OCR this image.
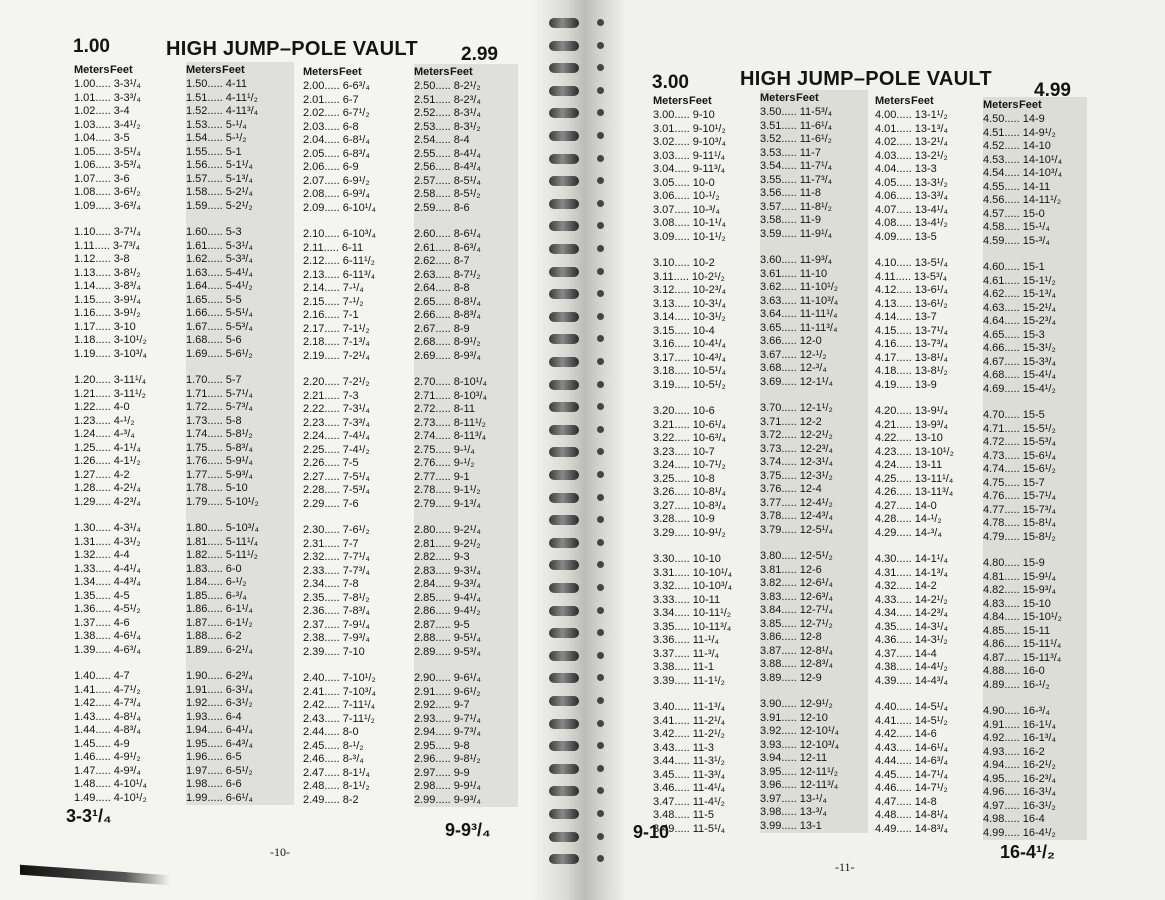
1.00	HIGH JUMP–POLE VAULT 2.99
MetersFeet
1.00..... 3-3¹/₄
1.01..... 3-3³/₄
1.02..... 3-4
1.03..... 3-4¹/₂
1.04..... 3-5
1.05..... 3-5¹/₄
1.06..... 3-5³/₄
1.07..... 3-6
1.08..... 3-6¹/₂
1.09..... 3-6³/₄
1.10..... 3-7¹/₄
1.11..... 3-7³/₄
1.12..... 3-8
1.13..... 3-8¹/₂
1.14..... 3-8³/₄
1.15..... 3-9¹/₄
1.16..... 3-9¹/₂
1.17..... 3-10
1.18..... 3-10¹/₂
1.19..... 3-10³/₄
1.20..... 3-11¹/₄
1.21..... 3-11¹/₂
1.22..... 4-0
1.23..... 4-¹/₂
1.24..... 4-³/₄
1.25..... 4-1¹/₄
1.26..... 4-1¹/₂
1.27..... 4-2
1.28..... 4-2¹/₄
1.29..... 4-2³/₄
1.30..... 4-3¹/₄
1.31..... 4-3¹/₂
1.32..... 4-4
1.33..... 4-4¹/₄
1.34..... 4-4³/₄
1.35..... 4-5
1.36..... 4-5¹/₂
1.37..... 4-6
1.38..... 4-6¹/₄
1.39..... 4-6³/₄
1.40..... 4-7
1.41..... 4-7¹/₂
1.42..... 4-7³/₄
1.43..... 4-8¹/₄
1.44..... 4-8³/₄
1.45..... 4-9
1.46..... 4-9¹/₂
1.47..... 4-9³/₄
1.48..... 4-10¹/₄
1.49..... 4-10¹/₂
MetersFeet
1.50..... 4-11
1.51..... 4-11¹/₂
1.52..... 4-11³/₄
1.53..... 5-¹/₄
1.54..... 5-¹/₂
1.55..... 5-1
1.56..... 5-1¹/₄
1.57..... 5-1³/₄
1.58..... 5-2¹/₄
1.59..... 5-2¹/₂
1.60..... 5-3
1.61..... 5-3¹/₄
1.62..... 5-3³/₄
1.63..... 5-4¹/₄
1.64..... 5-4¹/₂
1.65..... 5-5
1.66..... 5-5¹/₄
1.67..... 5-5³/₄
1.68..... 5-6
1.69..... 5-6¹/₂
1.70..... 5-7
1.71..... 5-7¹/₄
1.72..... 5-7³/₄
1.73..... 5-8
1.74..... 5-8¹/₂
1.75..... 5-8³/₄
1.76..... 5-9¹/₄
1.77..... 5-9³/₄
1.78..... 5-10
1.79..... 5-10¹/₂
1.80..... 5-10³/₄
1.81..... 5-11¹/₄
1.82..... 5-11¹/₂
1.83..... 6-0
1.84..... 6-¹/₂
1.85..... 6-³/₄
1.86..... 6-1¹/₄
1.87..... 6-1¹/₂
1.88..... 6-2
1.89..... 6-2¹/₄
1.90..... 6-2³/₄
1.91..... 6-3¹/₄
1.92..... 6-3¹/₂
1.93..... 6-4
1.94..... 6-4¹/₄
1.95..... 6-4³/₄
1.96..... 6-5
1.97..... 6-5¹/₂
1.98..... 6-6
1.99..... 6-6¹/₄
MetersFeet
2.00..... 6-6³/₄
2.01..... 6-7
2.02..... 6-7¹/₂
2.03..... 6-8
2.04..... 6-8¹/₄
2.05..... 6-8³/₄
2.06..... 6-9
2.07..... 6-9¹/₂
2.08..... 6-9³/₄
2.09..... 6-10¹/₄
2.10..... 6-10³/₄
2.11..... 6-11
2.12..... 6-11¹/₂
2.13..... 6-11³/₄
2.14..... 7-¹/₄
2.15..... 7-¹/₂
2.16..... 7-1
2.17..... 7-1¹/₂
2.18..... 7-1³/₄
2.19..... 7-2¹/₄
2.20..... 7-2¹/₂
2.21..... 7-3
2.22..... 7-3¹/₄
2.23..... 7-3³/₄
2.24..... 7-4¹/₄
2.25..... 7-4¹/₂
2.26..... 7-5
2.27..... 7-5¹/₄
2.28..... 7-5³/₄
2.29..... 7-6
2.30..... 7-6¹/₂
2.31..... 7-7
2.32..... 7-7¹/₄
2.33..... 7-7³/₄
2.34..... 7-8
2.35..... 7-8¹/₂
2.36..... 7-8³/₄
2.37..... 7-9¹/₄
2.38..... 7-9³/₄
2.39..... 7-10
2.40..... 7-10¹/₂
2.41..... 7-10³/₄
2.42..... 7-11¹/₄
2.43..... 7-11¹/₂
2.44..... 8-0
2.45..... 8-¹/₂
2.46..... 8-³/₄
2.47..... 8-1¹/₄
2.48..... 8-1¹/₂
2.49..... 8-2
MetersFeet
2.50..... 8-2¹/₂
2.51..... 8-2³/₄
2.52..... 8-3¹/₄
2.53..... 8-3¹/₂
2.54..... 8-4
2.55..... 8-4¹/₄
2.56..... 8-4³/₄
2.57..... 8-5¹/₄
2.58..... 8-5¹/₂
2.59..... 8-6
2.60..... 8-6¹/₄
2.61..... 8-6³/₄
2.62..... 8-7
2.63..... 8-7¹/₂
2.64..... 8-8
2.65..... 8-8¹/₄
2.66..... 8-8³/₄
2.67..... 8-9
2.68..... 8-9¹/₂
2.69..... 8-9³/₄
2.70..... 8-10¹/₄
2.71..... 8-10³/₄
2.72..... 8-11
2.73..... 8-11¹/₂
2.74..... 8-11³/₄
2.75..... 9-¹/₄
2.76..... 9-¹/₂
2.77..... 9-1
2.78..... 9-1¹/₂
2.79..... 9-1³/₄
2.80..... 9-2¹/₄
2.81..... 9-2¹/₂
2.82..... 9-3
2.83..... 9-3¹/₄
2.84..... 9-3³/₄
2.85..... 9-4¹/₄
2.86..... 9-4¹/₂
2.87..... 9-5
2.88..... 9-5¹/₄
2.89..... 9-5³/₄
2.90..... 9-6¹/₄
2.91..... 9-6¹/₂
2.92..... 9-7
2.93..... 9-7¹/₄
2.94..... 9-7³/₄
2.95..... 9-8
2.96..... 9-8¹/₂
2.97..... 9-9
2.98..... 9-9¹/₄
2.99..... 9-9³/₄
3-3¹/₄
9-9³/₄
-10-
3.00	HIGH JUMP–POLE VAULT
4.99
MetersFeet
3.00..... 9-10
3.01..... 9-10¹/₂
3.02..... 9-10³/₄
3.03..... 9-11¹/₄
3.04..... 9-11³/₄
3.05..... 10-0
3.06..... 10-¹/₂
3.07..... 10-³/₄
3.08..... 10-1¹/₄
3.09..... 10-1¹/₂
3.10..... 10-2
3.11..... 10-2¹/₂
3.12..... 10-2³/₄
3.13..... 10-3¹/₄
3.14..... 10-3¹/₂
3.15..... 10-4
3.16..... 10-4¹/₄
3.17..... 10-4³/₄
3.18..... 10-5¹/₄
3.19..... 10-5¹/₂
3.20..... 10-6
3.21..... 10-6¹/₄
3.22..... 10-6³/₄
3.23..... 10-7
3.24..... 10-7¹/₂
3.25..... 10-8
3.26..... 10-8¹/₄
3.27..... 10-8³/₄
3.28..... 10-9
3.29..... 10-9¹/₂
3.30..... 10-10
3.31..... 10-10¹/₄
3.32..... 10-10³/₄
3.33..... 10-11
3.34..... 10-11¹/₂
3.35..... 10-11³/₄
3.36..... 11-¹/₄
3.37..... 11-³/₄
3.38..... 11-1
3.39..... 11-1¹/₂
3.40..... 11-1³/₄
3.41..... 11-2¹/₄
3.42..... 11-2¹/₂
3.43..... 11-3
3.44..... 11-3¹/₂
3.45..... 11-3³/₄
3.46..... 11-4¹/₄
3.47..... 11-4¹/₂
3.48..... 11-5
3.49..... 11-5¹/₄
MetersFeet
3.50..... 11-5³/₄
3.51..... 11-6¹/₄
3.52..... 11-6¹/₂
3.53..... 11-7
3.54..... 11-7¹/₄
3.55..... 11-7³/₄
3.56..... 11-8
3.57..... 11-8¹/₂
3.58..... 11-9
3.59..... 11-9¹/₄
3.60..... 11-9³/₄
3.61..... 11-10
3.62..... 11-10¹/₂
3.63..... 11-10³/₄
3.64..... 11-11¹/₄
3.65..... 11-11³/₄
3.66..... 12-0
3.67..... 12-¹/₂
3.68..... 12-³/₄
3.69..... 12-1¹/₄
3.70..... 12-1¹/₂
3.71..... 12-2
3.72..... 12-2¹/₂
3.73..... 12-2³/₄
3.74..... 12-3¹/₄
3.75..... 12-3¹/₂
3.76..... 12-4
3.77..... 12-4¹/₂
3.78..... 12-4³/₄
3.79..... 12-5¹/₄
3.80..... 12-5¹/₂
3.81..... 12-6
3.82..... 12-6¹/₄
3.83..... 12-6³/₄
3.84..... 12-7¹/₄
3.85..... 12-7¹/₂
3.86..... 12-8
3.87..... 12-8¹/₄
3.88..... 12-8³/₄
3.89..... 12-9
3.90..... 12-9¹/₂
3.91..... 12-10
3.92..... 12-10¹/₄
3.93..... 12-10³/₄
3.94..... 12-11
3.95..... 12-11¹/₂
3.96..... 12-11³/₄
3.97..... 13-¹/₄
3.98..... 13-³/₄
3.99..... 13-1
MetersFeet
4.00..... 13-1¹/₂
4.01..... 13-1³/₄
4.02..... 13-2¹/₄
4.03..... 13-2¹/₂
4.04..... 13-3
4.05..... 13-3¹/₂
4.06..... 13-3³/₄
4.07..... 13-4¹/₄
4.08..... 13-4¹/₂
4.09..... 13-5
4.10..... 13-5¹/₄
4.11..... 13-5³/₄
4.12..... 13-6¹/₄
4.13..... 13-6¹/₂
4.14..... 13-7
4.15..... 13-7¹/₄
4.16..... 13-7³/₄
4.17..... 13-8¹/₄
4.18..... 13-8¹/₂
4.19..... 13-9
4.20..... 13-9¹/₄
4.21..... 13-9³/₄
4.22..... 13-10
4.23..... 13-10¹/₂
4.24..... 13-11
4.25..... 13-11¹/₄
4.26..... 13-11³/₄
4.27..... 14-0
4.28..... 14-¹/₂
4.29..... 14-³/₄
4.30..... 14-1¹/₄
4.31..... 14-1³/₄
4.32..... 14-2
4.33..... 14-2¹/₂
4.34..... 14-2³/₄
4.35..... 14-3¹/₄
4.36..... 14-3¹/₂
4.37..... 14-4
4.38..... 14-4¹/₂
4.39..... 14-4³/₄
4.40..... 14-5¹/₄
4.41..... 14-5¹/₂
4.42..... 14-6
4.43..... 14-6¹/₄
4.44..... 14-6³/₄
4.45..... 14-7¹/₄
4.46..... 14-7¹/₂
4.47..... 14-8
4.48..... 14-8¹/₄
4.49..... 14-8³/₄
MetersFeet
4.50..... 14-9
4.51..... 14-9¹/₂
4.52..... 14-10
4.53..... 14-10¹/₄
4.54..... 14-10³/₄
4.55..... 14-11
4.56..... 14-11¹/₂
4.57..... 15-0
4.58..... 15-¹/₄
4.59..... 15-³/₄
4.60..... 15-1
4.61..... 15-1¹/₂
4.62..... 15-1³/₄
4.63..... 15-2¹/₄
4.64..... 15-2³/₄
4.65..... 15-3
4.66..... 15-3¹/₂
4.67..... 15-3³/₄
4.68..... 15-4¹/₄
4.69..... 15-4¹/₂
4.70..... 15-5
4.71..... 15-5¹/₂
4.72..... 15-5³/₄
4.73..... 15-6¹/₄
4.74..... 15-6¹/₂
4.75..... 15-7
4.76..... 15-7¹/₄
4.77..... 15-7³/₄
4.78..... 15-8¹/₄
4.79..... 15-8¹/₂
4.80..... 15-9
4.81..... 15-9¹/₄
4.82..... 15-9³/₄
4.83..... 15-10
4.84..... 15-10¹/₂
4.85..... 15-11
4.86..... 15-11¹/₄
4.87..... 15-11³/₄
4.88..... 16-0
4.89..... 16-¹/₂
4.90..... 16-³/₄
4.91..... 16-1¹/₄
4.92..... 16-1³/₄
4.93..... 16-2
4.94..... 16-2¹/₂
4.95..... 16-2³/₄
4.96..... 16-3¹/₄
4.97..... 16-3¹/₂
4.98..... 16-4
4.99..... 16-4¹/₂
9-10
16-4¹/₂
-11-
